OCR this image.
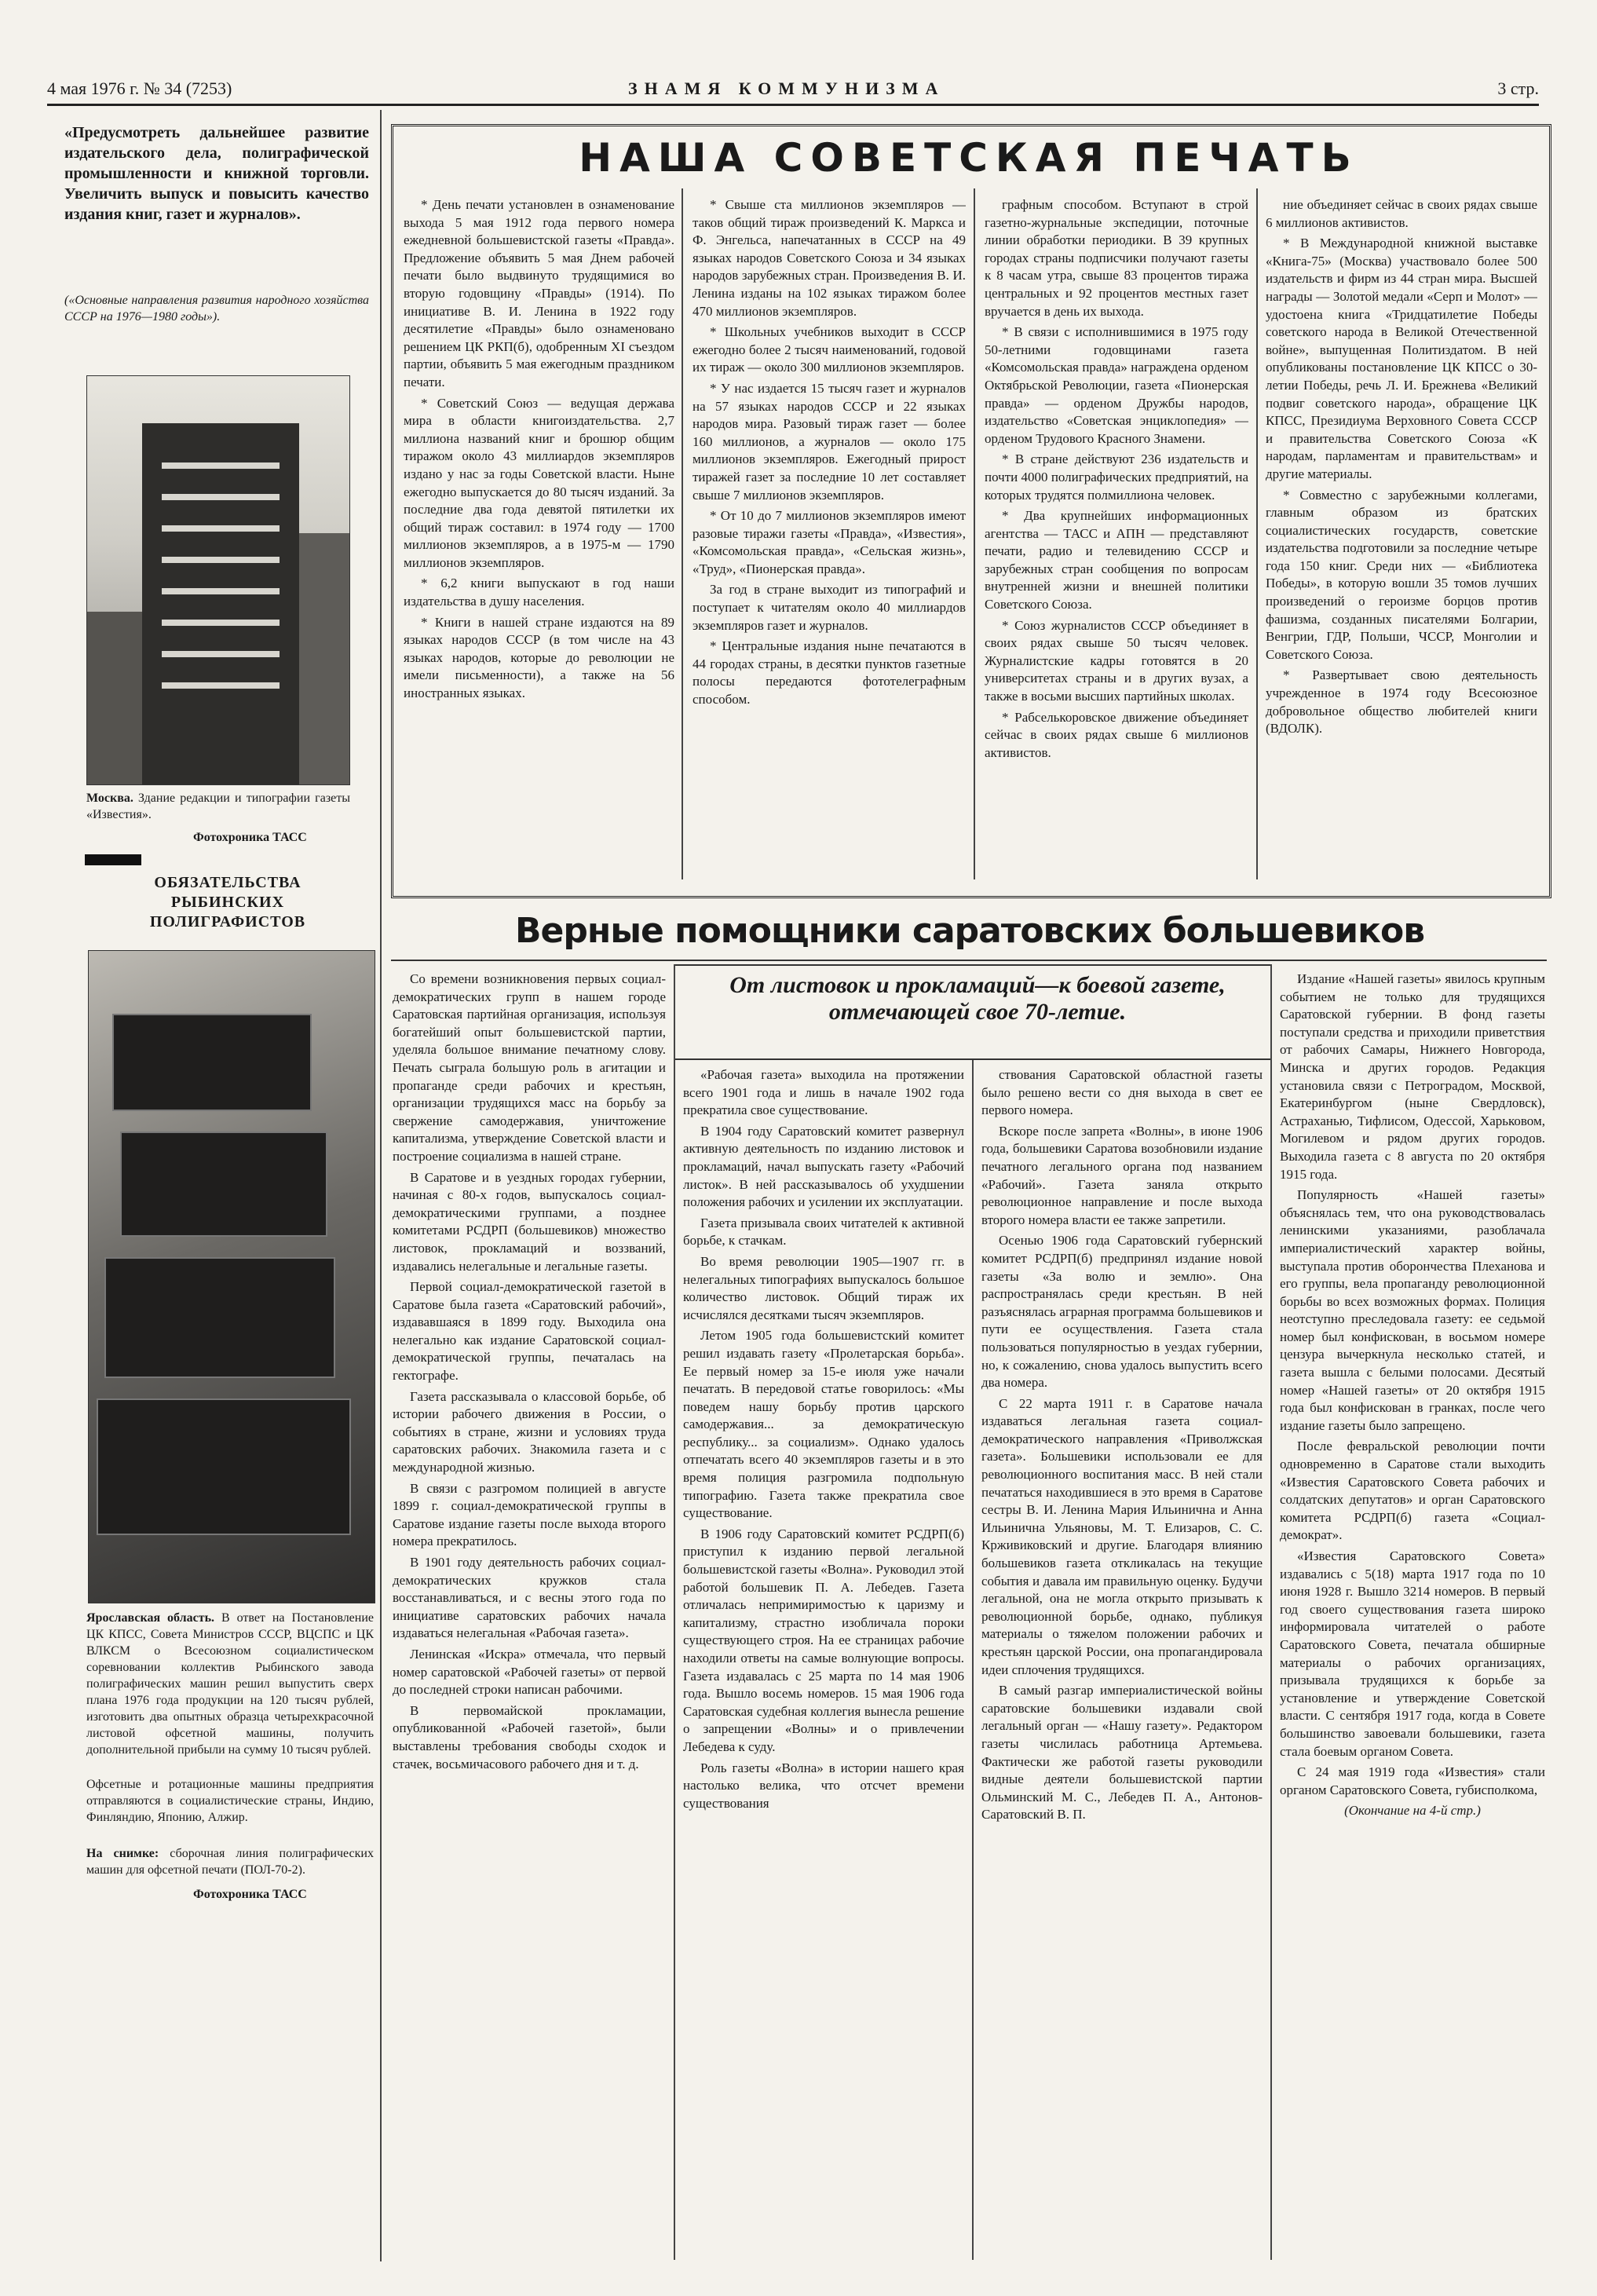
4 мая 1976 г. № 34 (7253)	ЗНАМЯ КОММУНИЗМА	3 стр.
«Предусмотреть дальнейшее развитие издательского дела, полиграфической промышленности и книжной торговли. Увеличить выпуск и повысить качество издания книг, газет и журналов».
(«Основные направления развития народного хозяйства СССР на 1976—1980 годы»).
Москва. Здание редакции и типографии газеты «Известия».
Фотохроника ТАСС
ОБЯЗАТЕЛЬСТВА РЫБИНСКИХ ПОЛИГРАФИСТОВ
Ярославская область. В ответ на Постановление ЦК КПСС, Совета Министров СССР, ВЦСПС и ЦК ВЛКСМ о Всесоюзном социалистическом соревновании коллектив Рыбинского завода полиграфических машин решил выпустить сверх плана 1976 года продукции на 120 тысяч рублей, изготовить два опытных образца четырехкрасочной листовой офсетной машины, получить дополнительной прибыли на сумму 10 тысяч рублей.
Офсетные и ротационные машины предприятия отправляются в социалистические страны, Индию, Финляндию, Японию, Алжир.
На снимке: сборочная линия полиграфических машин для офсетной печати (ПОЛ-70-2).
Фотохроника ТАСС
НАША СОВЕТСКАЯ ПЕЧАТЬ

* День печати установлен в ознаменование выхода 5 мая 1912 года первого номера ежедневной большевистской газеты «Правда». Предложение объявить 5 мая Днем рабочей печати было выдвинуто трудящимися во вторую годовщину «Правды» (1914). По инициативе В. И. Ленина в 1922 году десятилетие «Правды» было ознаменовано решением ЦК РКП(б), одобренным XI съездом партии, объявить 5 мая ежегодным праздником печати.

* Советский Союз — ведущая держава мира в области книгоиздательства. 2,7 миллиона названий книг и брошюр общим тиражом около 43 миллиардов экземпляров издано у нас за годы Советской власти. Ныне ежегодно выпускается до 80 тысяч изданий. За последние два года девятой пятилетки их общий тираж составил: в 1974 году — 1700 миллионов экземпляров, а в 1975-м — 1790 миллионов экземпляров.

* 6,2 книги выпускают в год наши издательства в душу населения.

* Книги в нашей стране издаются на 89 языках народов СССР (в том числе на 43 языках народов, которые до революции не имели письменности), а также на 56 иностранных языках.

* Свыше ста миллионов экземпляров — таков общий тираж произведений К. Маркса и Ф. Энгельса, напечатанных в СССР на 49 языках народов Советского Союза и 34 языках народов зарубежных стран. Произведения В. И. Ленина изданы на 102 языках тиражом более 470 миллионов экземпляров.

* Школьных учебников выходит в СССР ежегодно более 2 тысяч наименований, годовой их тираж — около 300 миллионов экземпляров.

* У нас издается 15 тысяч газет и журналов на 57 языках народов СССР и 22 языках народов мира. Разовый тираж газет — более 160 миллионов, а журналов — около 175 миллионов экземпляров. Ежегодный прирост тиражей газет за последние 10 лет составляет свыше 7 миллионов экземпляров.

* От 10 до 7 миллионов экземпляров имеют разовые тиражи газеты «Правда», «Известия», «Комсомольская правда», «Сельская жизнь», «Труд», «Пионерская правда».

За год в стране выходит из типографий и поступает к читателям около 40 миллиардов экземпляров газет и журналов.

* Центральные издания ныне печатаются в 44 городах страны, в десятки пунктов газетные полосы передаются фототелеграфным способом.

графным способом. Вступают в строй газетно-журнальные экспедиции, поточные линии обработки периодики. В 39 крупных городах страны подписчики получают газеты к 8 часам утра, свыше 83 процентов тиража центральных и 92 процентов местных газет вручается в день их выхода.

* В связи с исполнившимися в 1975 году 50-летними годовщинами газета «Комсомольская правда» награждена орденом Октябрьской Революции, газета «Пионерская правда» — орденом Дружбы народов, издательство «Советская энциклопедия» — орденом Трудового Красного Знамени.

* В стране действуют 236 издательств и почти 4000 полиграфических предприятий, на которых трудятся полмиллиона человек.

* Два крупнейших информационных агентства — ТАСС и АПН — представляют печати, радио и телевидению СССР и зарубежных стран сообщения по вопросам внутренней жизни и внешней политики Советского Союза.

* Союз журналистов СССР объединяет в своих рядах свыше 50 тысяч человек. Журналистские кадры готовятся в 20 университетах страны и в других вузах, а также в восьми высших партийных школах.

* Рабселькоровское движение объединяет сейчас в своих рядах свыше 6 миллионов активистов.

ние объединяет сейчас в своих рядах свыше 6 миллионов активистов.

* В Международной книжной выставке «Книга-75» (Москва) участвовало более 500 издательств и фирм из 44 стран мира. Высшей награды — Золотой медали «Серп и Молот» — удостоена книга «Тридцатилетие Победы советского народа в Великой Отечественной войне», выпущенная Политиздатом. В ней опубликованы постановление ЦК КПСС о 30-летии Победы, речь Л. И. Брежнева «Великий подвиг советского народа», обращение ЦК КПСС, Президиума Верховного Совета СССР и правительства Советского Союза «К народам, парламентам и правительствам» и другие материалы.

* Совместно с зарубежными коллегами, главным образом из братских социалистических государств, советские издательства подготовили за последние четыре года 150 книг. Среди них — «Библиотека Победы», в которую вошли 35 томов лучших произведений о героизме борцов против фашизма, созданных писателями Болгарии, Венгрии, ГДР, Польши, ЧССР, Монголии и Советского Союза.

* Развертывает свою деятельность учрежденное в 1974 году Всесоюзное добровольное общество любителей книги (ВДОЛК).

Верные помощники саратовских большевиков
От листовок и прокламаций—к боевой газете, отмечающей свое 70-летие.

Со времени возникновения первых социал-демократических групп в нашем городе Саратовская партийная организация, используя богатейший опыт большевистской партии, уделяла большое внимание печатному слову. Печать сыграла большую роль в агитации и пропаганде среди рабочих и крестьян, организации трудящихся масс на борьбу за свержение самодержавия, уничтожение капитализма, утверждение Советской власти и построение социализма в нашей стране.

В Саратове и в уездных городах губернии, начиная с 80-х годов, выпускалось социал-демократическими группами, а позднее комитетами РСДРП (большевиков) множество листовок, прокламаций и воззваний, издавались нелегальные и легальные газеты.

Первой социал-демократической газетой в Саратове была газета «Саратовский рабочий», издававшаяся в 1899 году. Выходила она нелегально как издание Саратовской социал-демократической группы, печаталась на гектографе.

Газета рассказывала о классовой борьбе, об истории рабочего движения в России, о событиях в стране, жизни и условиях труда саратовских рабочих. Знакомила газета и с международной жизнью.

В связи с разгромом полицией в августе 1899 г. социал-демократической группы в Саратове издание газеты после выхода второго номера прекратилось.

В 1901 году деятельность рабочих социал-демократических кружков стала восстанавливаться, и с весны этого года по инициативе саратовских рабочих начала издаваться нелегальная «Рабочая газета».

Ленинская «Искра» отмечала, что первый номер саратовской «Рабочей газеты» от первой до последней строки написан рабочими.

В первомайской прокламации, опубликованной «Рабочей газетой», были выставлены требования свободы сходок и стачек, восьмичасового рабочего дня и т. д.

«Рабочая газета» выходила на протяжении всего 1901 года и лишь в начале 1902 года прекратила свое существование.

В 1904 году Саратовский комитет развернул активную деятельность по изданию листовок и прокламаций, начал выпускать газету «Рабочий листок». В ней рассказывалось об ухудшении положения рабочих и усилении их эксплуатации.

Газета призывала своих читателей к активной борьбе, к стачкам.

Во время революции 1905—1907 гг. в нелегальных типографиях выпускалось большое количество листовок. Общий тираж их исчислялся десятками тысяч экземпляров.

Летом 1905 года большевистский комитет решил издавать газету «Пролетарская борьба». Ее первый номер за 15-е июля уже начали печатать. В передовой статье говорилось: «Мы поведем нашу борьбу против царского самодержавия... за демократическую республику... за социализм». Однако удалось отпечатать всего 40 экземпляров газеты и в это время полиция разгромила подпольную типографию. Газета также прекратила свое существование.

В 1906 году Саратовский комитет РСДРП(б) приступил к изданию первой легальной большевистской газеты «Волна». Руководил этой работой большевик П. А. Лебедев. Газета отличалась непримиримостью к царизму и капитализму, страстно изобличала пороки существующего строя. На ее страницах рабочие находили ответы на самые волнующие вопросы. Газета издавалась с 25 марта по 14 мая 1906 года. Вышло восемь номеров. 15 мая 1906 года Саратовская судебная коллегия вынесла решение о запрещении «Волны» и о привлечении Лебедева к суду.

Роль газеты «Волна» в истории нашего края настолько велика, что отсчет времени существования

ствования Саратовской областной газеты было решено вести со дня выхода в свет ее первого номера.

Вскоре после запрета «Волны», в июне 1906 года, большевики Саратова возобновили издание печатного легального органа под названием «Рабочий». Газета заняла открыто революционное направление и после выхода второго номера власти ее также запретили.

Осенью 1906 года Саратовский губернский комитет РСДРП(б) предпринял издание новой газеты «За волю и землю». Она распространялась среди крестьян. В ней разъяснялась аграрная программа большевиков и пути ее осуществления. Газета стала пользоваться популярностью в уездах губернии, но, к сожалению, снова удалось выпустить всего два номера.

С 22 марта 1911 г. в Саратове начала издаваться легальная газета социал-демократического направления «Приволжская газета». Большевики использовали ее для революционного воспитания масс. В ней стали печататься находившиеся в это время в Саратове сестры В. И. Ленина Мария Ильинична и Анна Ильинична Ульяновы, М. Т. Елизаров, С. С. Крживиковский и другие. Благодаря влиянию большевиков газета откликалась на текущие события и давала им правильную оценку. Будучи легальной, она не могла открыто призывать к революционной борьбе, однако, публикуя материалы о тяжелом положении рабочих и крестьян царской России, она пропагандировала идеи сплочения трудящихся.

В самый разгар империалистической войны саратовские большевики издавали свой легальный орган — «Нашу газету». Редактором газеты числилась работница Артемьева. Фактически же работой газеты руководили видные деятели большевистской партии Ольминский М. С., Лебедев П. А., Антонов-Саратовский В. П.

Издание «Нашей газеты» явилось крупным событием не только для трудящихся Саратовской губернии. В фонд газеты поступали средства и приходили приветствия от рабочих Самары, Нижнего Новгорода, Минска и других городов. Редакция установила связи с Петроградом, Москвой, Екатеринбургом (ныне Свердловск), Астраханью, Тифлисом, Одессой, Харьковом, Могилевом и рядом других городов. Выходила газета с 8 августа по 20 октября 1915 года.

Популярность «Нашей газеты» объяснялась тем, что она руководствовалась ленинскими указаниями, разоблачала империалистический характер войны, выступала против оборончества Плеханова и его группы, вела пропаганду революционной борьбы во всех возможных формах. Полиция неотступно преследовала газету: ее седьмой номер был конфискован, в восьмом номере цензура вычеркнула несколько статей, и газета вышла с белыми полосами. Десятый номер «Нашей газеты» от 20 октября 1915 года был конфискован в гранках, после чего издание газеты было запрещено.

После февральской революции почти одновременно в Саратове стали выходить «Известия Саратовского Совета рабочих и солдатских депутатов» и орган Саратовского комитета РСДРП(б) газета «Социал-демократ».

«Известия Саратовского Совета» издавались с 5(18) марта 1917 года по 10 июня 1928 г. Вышло 3214 номеров. В первый год своего существования газета широко информировала читателей о работе Саратовского Совета, печатала обширные материалы о рабочих организациях, призывала трудящихся к борьбе за установление и утверждение Советской власти. С сентября 1917 года, когда в Совете большинство завоевали большевики, газета стала боевым органом Совета.

С 24 мая 1919 года «Известия» стали органом Саратовского Совета, губисполкома,

(Окончание на 4-й стр.)
